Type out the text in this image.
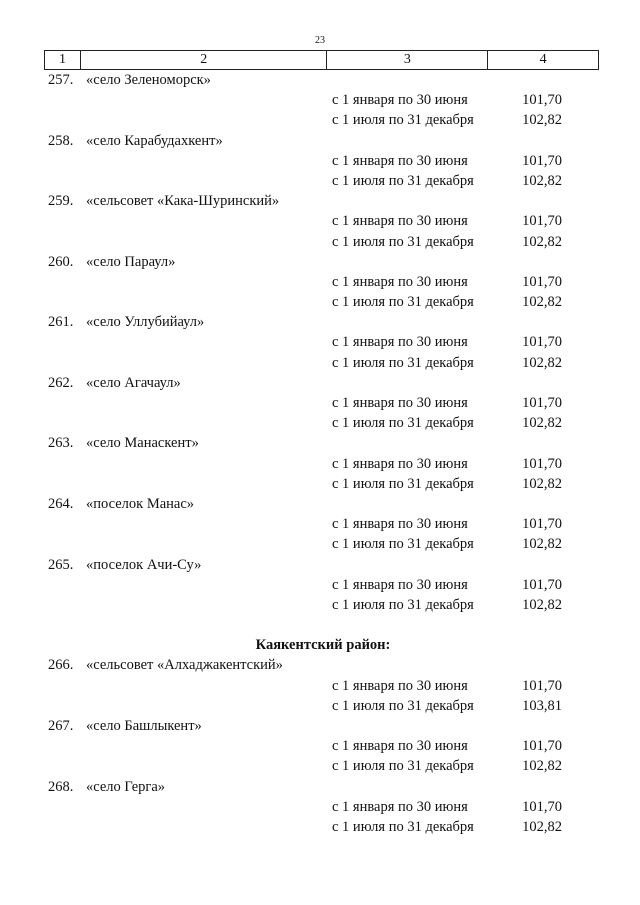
23
1	2	3	4
257. «село Зеленоморск»
с 1 января по 30 июня	101,70
с 1 июля по 31 декабря	102,82
258. «село Карабудахкент»
с 1 января по 30 июня	101,70
с 1 июля по 31 декабря	102,82
259. «сельсовет «Кака-Шуринский»
с 1 января по 30 июня	101,70
с 1 июля по 31 декабря	102,82
260. «село Параул»
с 1 января по 30 июня	101,70
с 1 июля по 31 декабря	102,82
261. «село Уллубийаул»
с 1 января по 30 июня	101,70
с 1 июля по 31 декабря	102,82
262. «село Агачаул»
с 1 января по 30 июня	101,70
с 1 июля по 31 декабря	102,82
263. «село Манаскент»
с 1 января по 30 июня	101,70
с 1 июля по 31 декабря	102,82
264. «поселок Манас»
с 1 января по 30 июня	101,70
с 1 июля по 31 декабря	102,82
265. «поселок Ачи-Су»
с 1 января по 30 июня	101,70
с 1 июля по 31 декабря	102,82
Каякентский район:
266. «сельсовет «Алхаджакентский»
с 1 января по 30 июня	101,70
с 1 июля по 31 декабря	103,81
267. «село Башлыкент»
с 1 января по 30 июня	101,70
с 1 июля по 31 декабря	102,82
268. «село Герга»
с 1 января по 30 июня	101,70
с 1 июля по 31 декабря	102,82
